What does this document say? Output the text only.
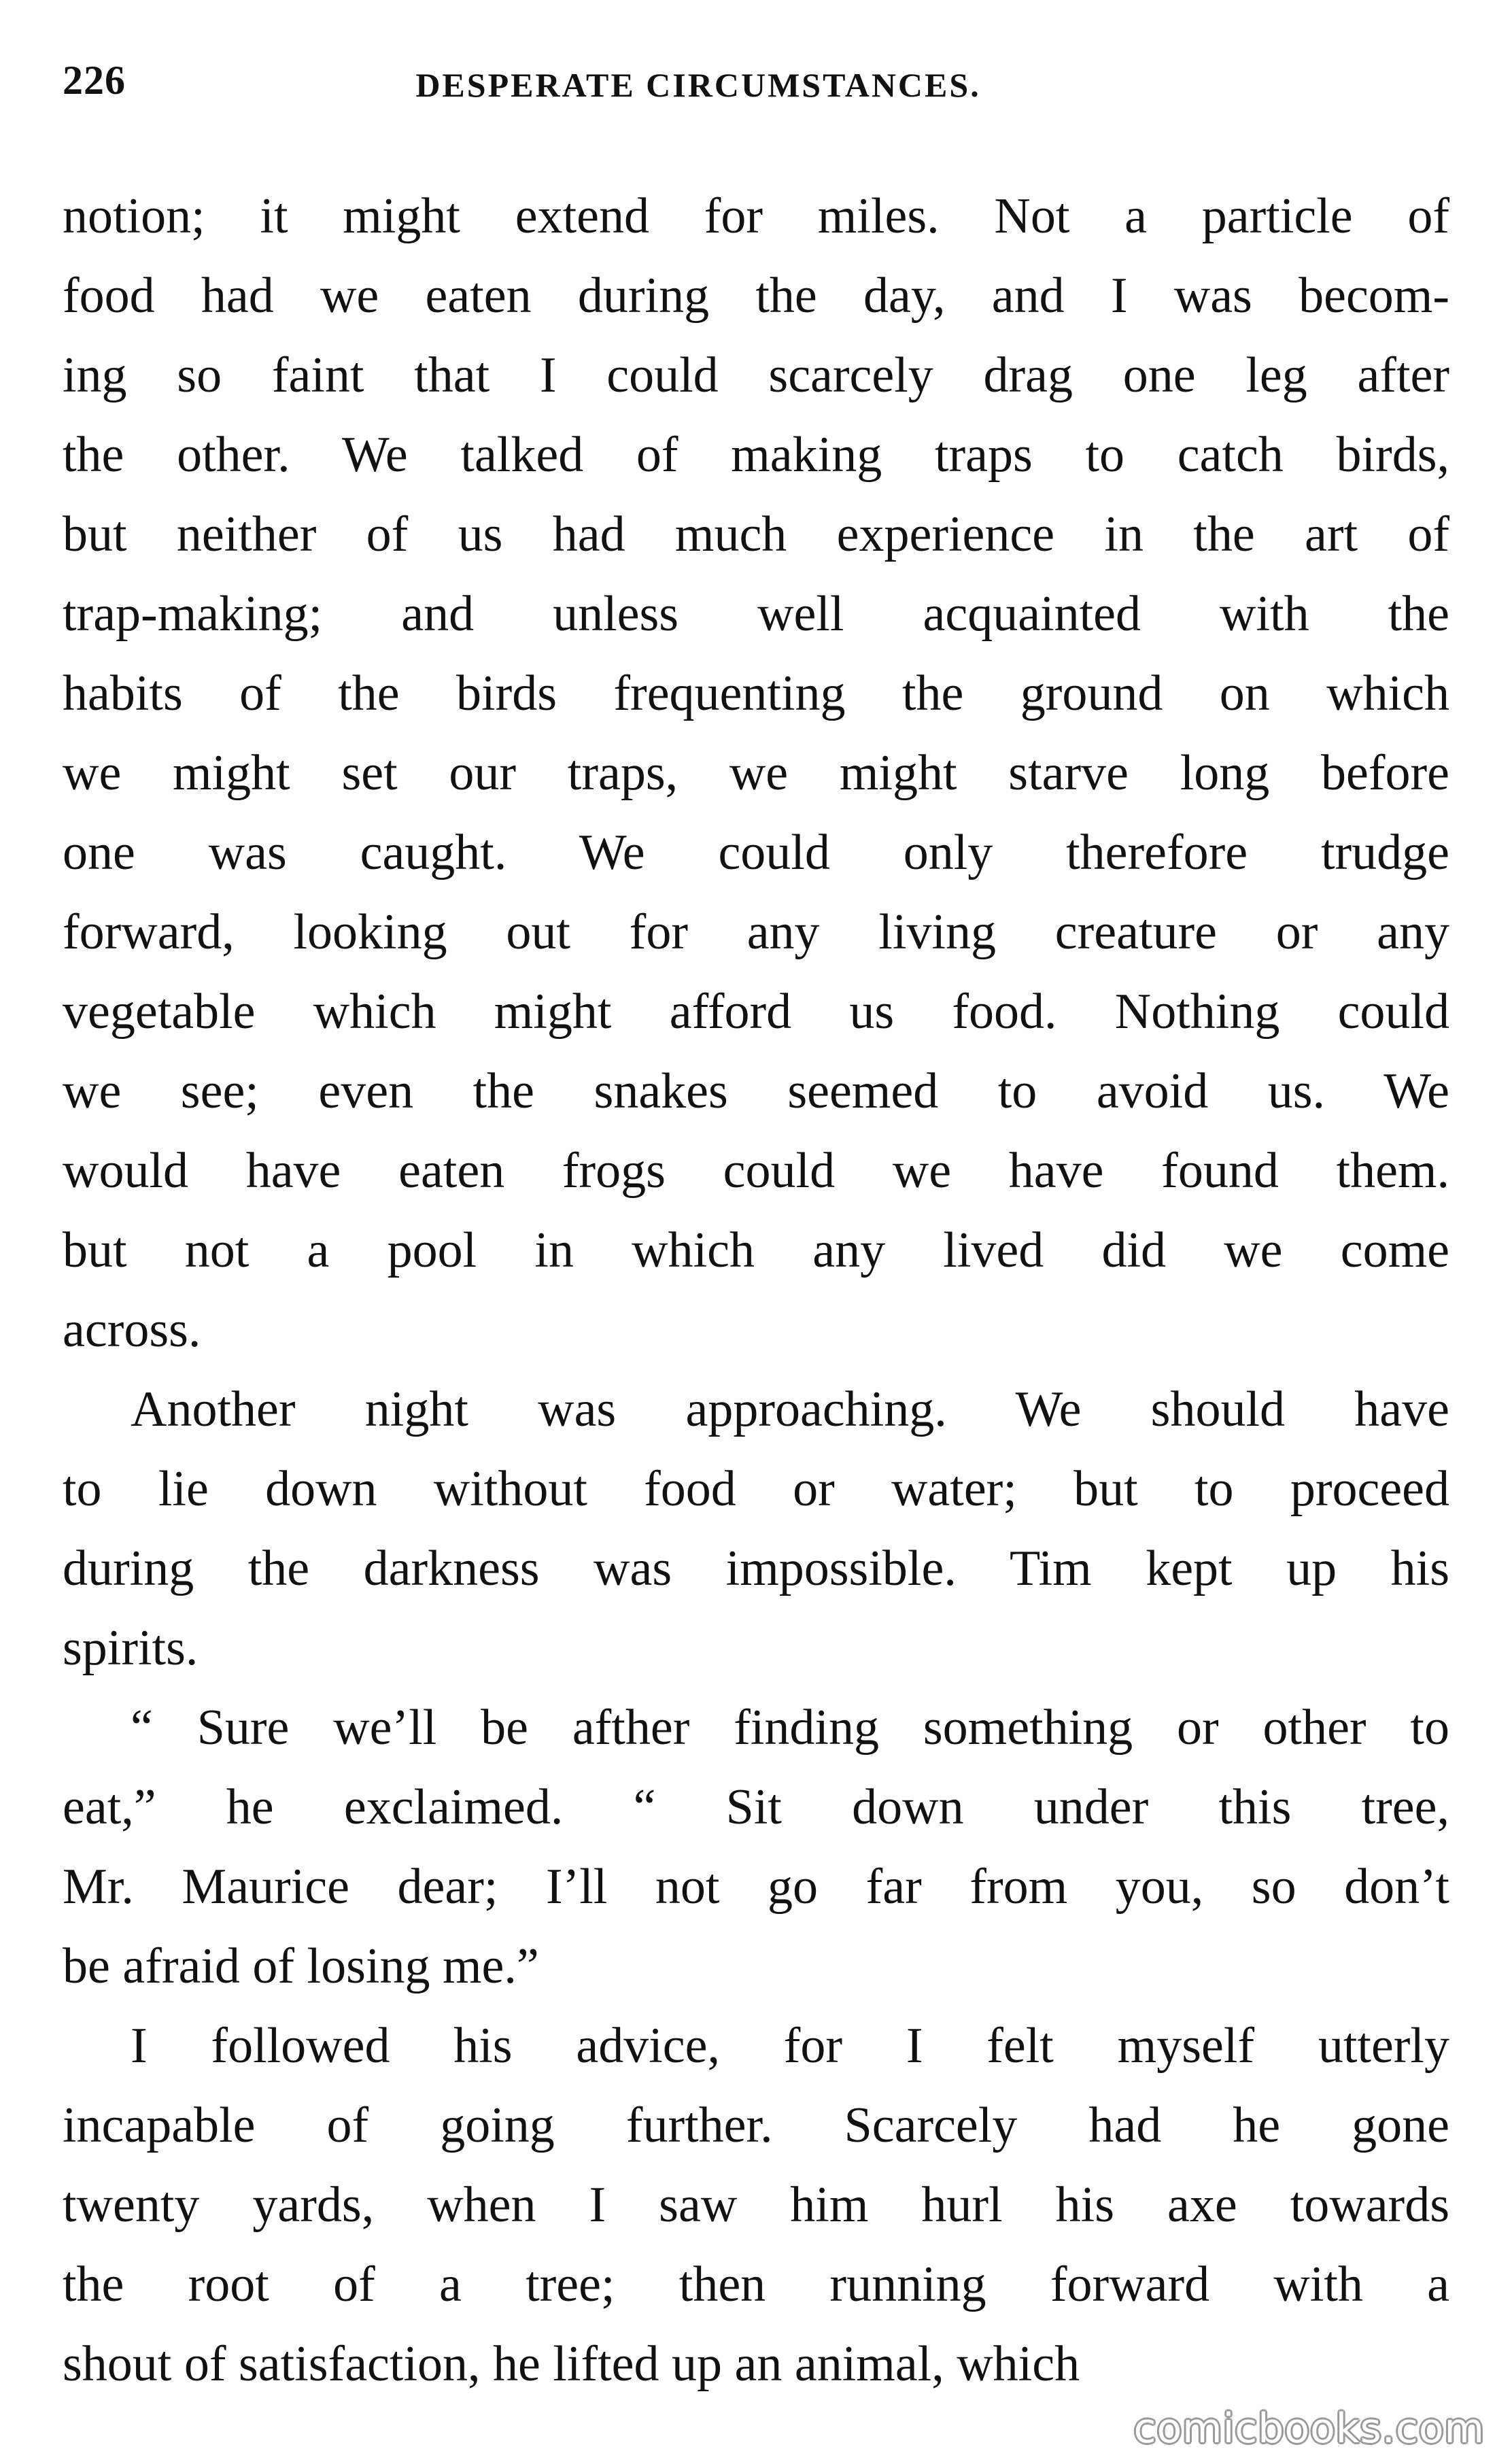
226	DESPERATE CIRCUMSTANCES.
notion; it might extend for miles. Not a particle of
food had we eaten during the day, and I was becom-
ing so faint that I could scarcely drag one leg after
the other. We talked of making traps to catch birds,
but neither of us had much experience in the art of
trap-making; and unless well acquainted with the
habits of the birds frequenting the ground on which
we might set our traps, we might starve long before
one was caught. We could only therefore trudge
forward, looking out for any living creature or any
vegetable which might afford us food. Nothing could
we see; even the snakes seemed to avoid us. We
would have eaten frogs could we have found them.
but not a pool in which any lived did we come
across.
Another night was approaching. We should have
to lie down without food or water; but to proceed
during the darkness was impossible. Tim kept up his
spirits.
“ Sure we’ll be afther finding something or other to
eat,” he exclaimed. “ Sit down under this tree,
Mr. Maurice dear; I’ll not go far from you, so don’t
be afraid of losing me.”
I followed his advice, for I felt myself utterly
incapable of going further. Scarcely had he gone
twenty yards, when I saw him hurl his axe towards
the root of a tree; then running forward with a
shout of satisfaction, he lifted up an animal, which
comicbooks.com
